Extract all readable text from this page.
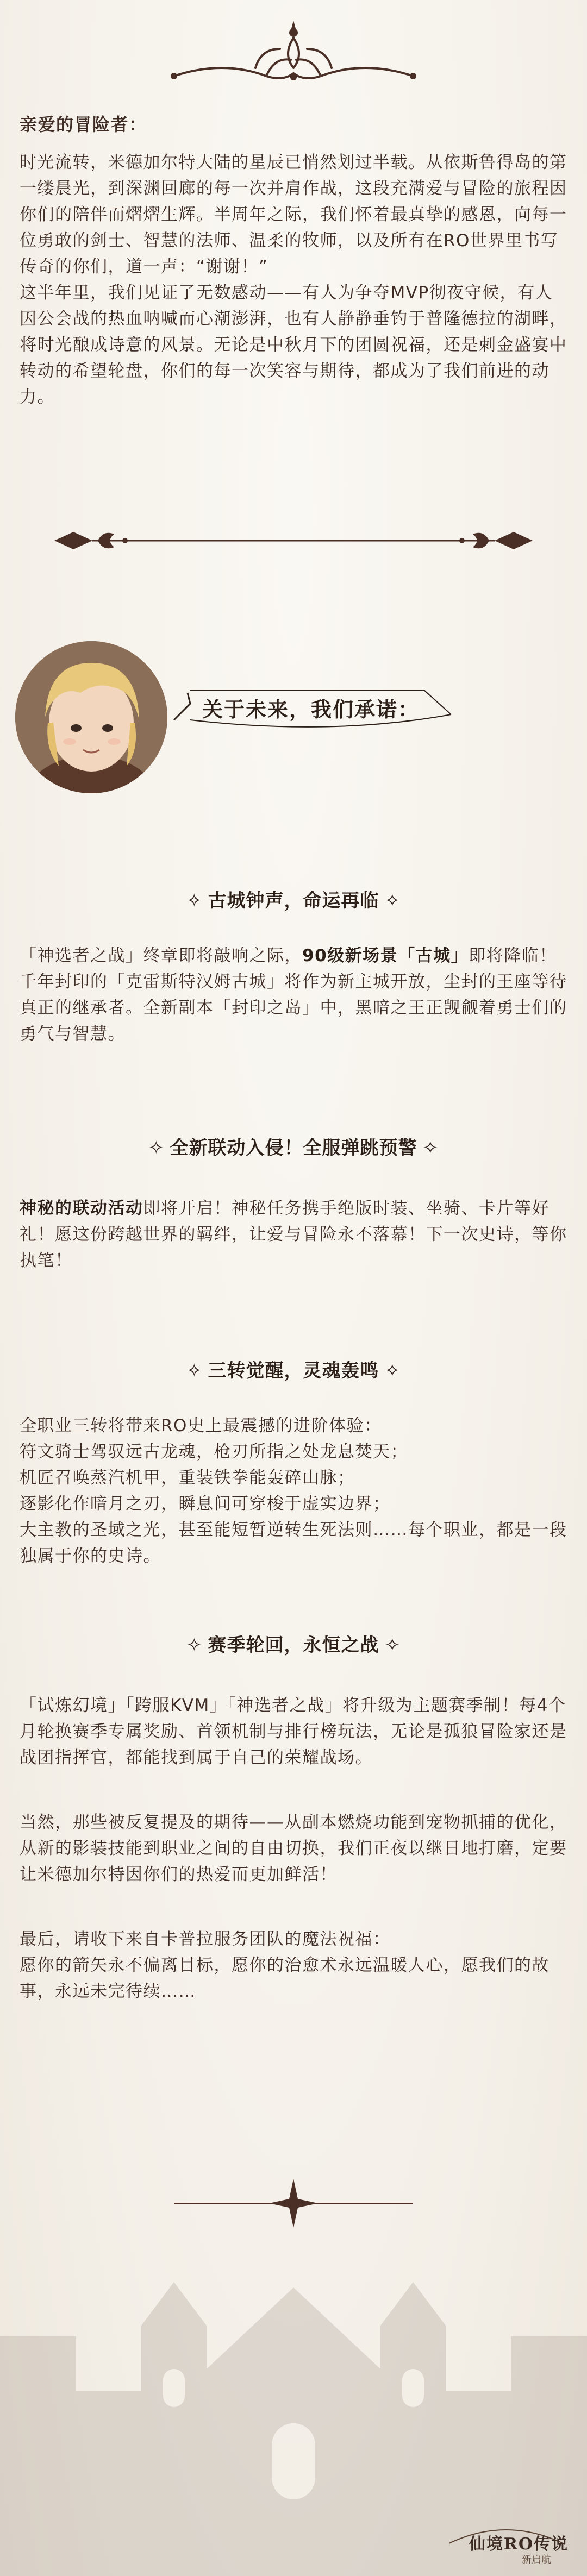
亲爱的冒险者：

时光流转，米德加尔特大陆的星辰已悄然划过半载。从依斯鲁得岛的第一缕晨光，到深渊回廊的每一次并肩作战，这段充满爱与冒险的旅程因你们的陪伴而熠熠生辉。半周年之际，我们怀着最真挚的感恩，向每一位勇敢的剑士、智慧的法师、温柔的牧师，以及所有在RO世界里书写传奇的你们，道一声：“谢谢！”

这半年里，我们见证了无数感动——有人为争夺MVP彻夜守候，有人因公会战的热血呐喊而心潮澎湃，也有人静静垂钓于普隆德拉的湖畔，将时光酿成诗意的风景。无论是中秋月下的团圆祝福，还是刺金盛宴中转动的希望轮盘，你们的每一次笑容与期待，都成为了我们前进的动力。

关于未来，我们承诺：
✧ 古城钟声，命运再临 ✧
「神选者之战」终章即将敲响之际，90级新场景「古城」即将降临！千年封印的「克雷斯特汉姆古城」将作为新主城开放，尘封的王座等待真正的继承者。全新副本「封印之岛」中，黑暗之王正觊觎着勇士们的勇气与智慧。
✧ 全新联动入侵！全服弹跳预警 ✧
神秘的联动活动即将开启！神秘任务携手绝版时装、坐骑、卡片等好礼！愿这份跨越世界的羁绊，让爱与冒险永不落幕！下一次史诗，等你执笔！
✧ 三转觉醒，灵魂轰鸣 ✧
全职业三转将带来RO史上最震撼的进阶体验：
符文骑士驾驭远古龙魂，枪刃所指之处龙息焚天；
机匠召唤蒸汽机甲，重装铁拳能轰碎山脉；
逐影化作暗月之刃，瞬息间可穿梭于虚实边界；
大主教的圣域之光，甚至能短暂逆转生死法则……每个职业，都是一段独属于你的史诗。
✧ 赛季轮回，永恒之战 ✧
「试炼幻境」「跨服KVM」「神选者之战」将升级为主题赛季制！每4个月轮换赛季专属奖励、首领机制与排行榜玩法，无论是孤狼冒险家还是战团指挥官，都能找到属于自己的荣耀战场。
当然，那些被反复提及的期待——从副本燃烧功能到宠物抓捕的优化，从新的影装技能到职业之间的自由切换，我们正夜以继日地打磨，定要让米德加尔特因你们的热爱而更加鲜活！
最后，请收下来自卡普拉服务团队的魔法祝福：
愿你的箭矢永不偏离目标，愿你的治愈术永远温暖人心，愿我们的故事，永远未完待续……
仙境RO传说
新启航
